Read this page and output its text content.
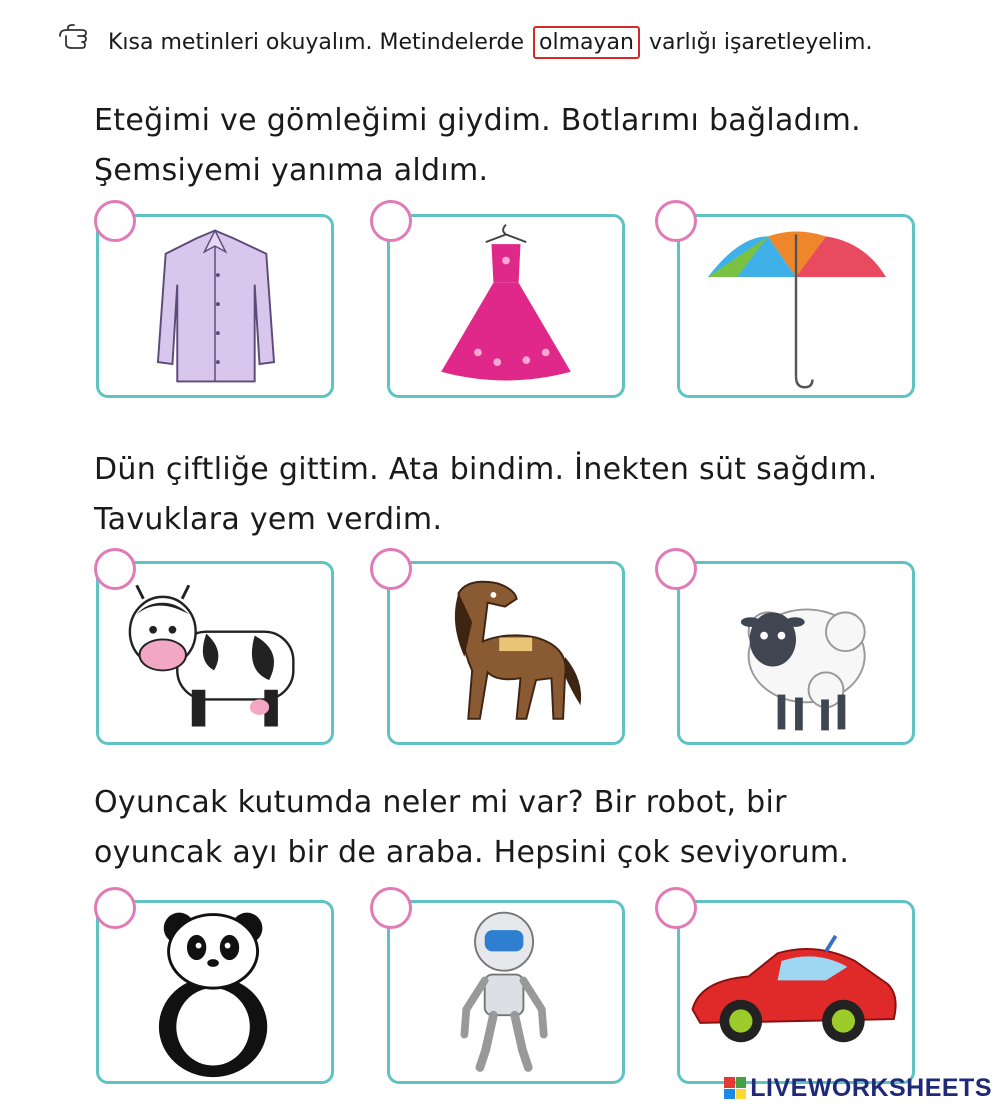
Kısa metinleri okuyalım. Metindelerde olmayan varlığı işaretleyelim.
Eteğimi ve gömleğimi giydim. Botlarımı bağladım.
Şemsiyemi yanıma aldım.
Dün çiftliğe gittim. Ata bindim. İnekten süt sağdım.
Tavuklara yem verdim.
Oyuncak kutumda neler mi var? Bir robot, bir
oyuncak ayı bir de araba. Hepsini çok seviyorum.
LIVEWORKSHEETS
